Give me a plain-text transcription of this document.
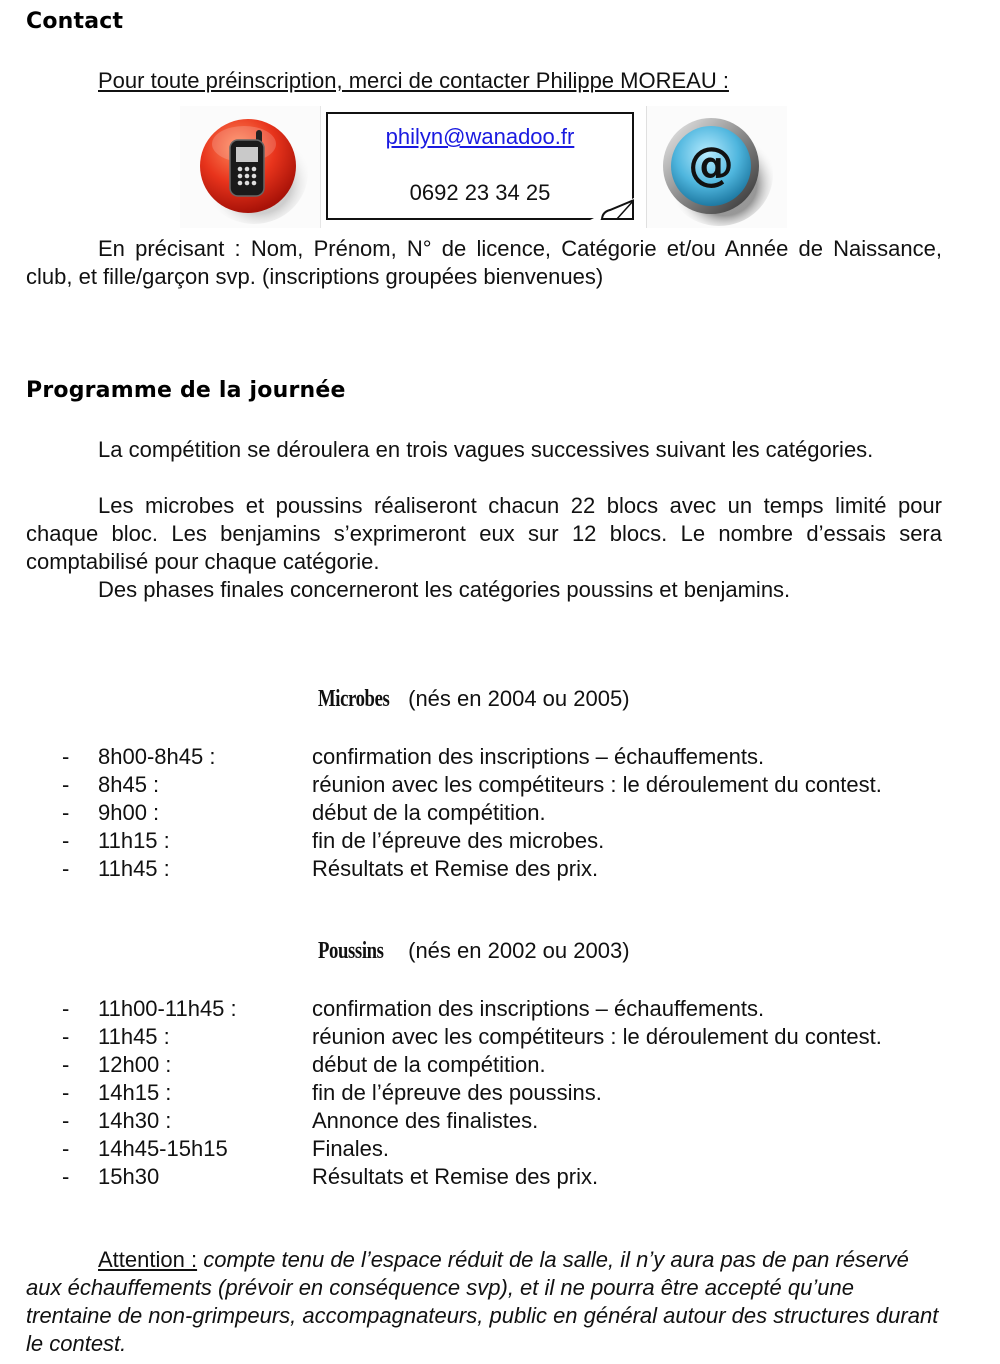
Contact
Pour toute préinscription, merci de contacter Philippe MOREAU :
philyn@wanadoo.fr
0692 23 34 25
@
En précisant : Nom, Prénom, N° de licence, Catégorie et/ou Année de Naissance, club, et fille/garçon svp. (inscriptions groupées bienvenues)
Programme de la journée
La compétition se déroulera en trois vagues successives suivant les catégories.
Les microbes et poussins réaliseront chacun 22 blocs avec un temps limité pour chaque bloc. Les benjamins s’exprimeront eux sur 12 blocs. Le nombre d’essais sera comptabilisé pour chaque catégorie.
Des phases finales concerneront les catégories poussins et benjamins.
Microbes (nés en 2004 ou 2005)
- 8h00-8h45 :	confirmation des inscriptions – échauffements.
- 8h45 :	réunion avec les compétiteurs : le déroulement du contest.
- 9h00 :	début de la compétition.
- 11h15 :	fin de l’épreuve des microbes.
- 11h45 :	Résultats et Remise des prix.
Poussins (nés en 2002 ou 2003)
- 11h00-11h45 :	confirmation des inscriptions – échauffements.
- 11h45 :	réunion avec les compétiteurs : le déroulement du contest.
- 12h00 :	début de la compétition.
- 14h15 :	fin de l’épreuve des poussins.
- 14h30 :	Annonce des finalistes.
- 14h45-15h15	Finales.
- 15h30	Résultats et Remise des prix.
Attention : compte tenu de l’espace réduit de la salle, il n’y aura pas de pan réservé aux échauffements (prévoir en conséquence svp), et il ne pourra être accepté qu’une trentaine de non-grimpeurs, accompagnateurs, public en général autour des structures durant le contest.
